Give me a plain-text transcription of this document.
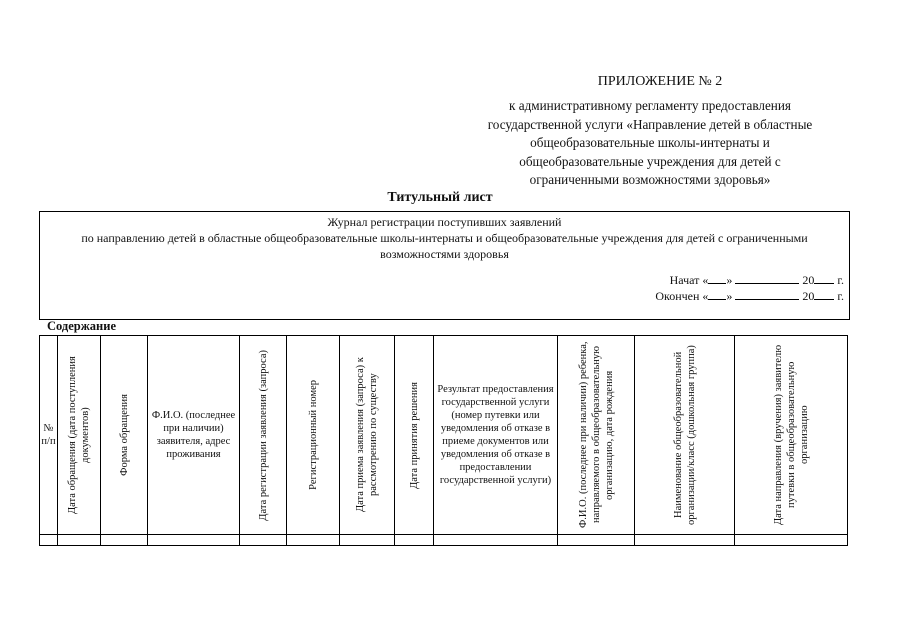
ПРИЛОЖЕНИЕ № 2
к административному регламенту предоставления
государственной услуги «Направление детей в областные
общеобразовательные школы-интернаты и
общеобразовательные учреждения для детей с
ограниченными возможностями здоровья»
Титульный лист
Журнал регистрации поступивших заявлений
по направлению детей в областные общеобразовательные школы-интернаты и общеобразовательные учреждения для детей с ограниченными
возможностями здоровья
Начат « »	20 г.
Окончен « »	20 г.
Содержание
№ п/п	Дата обращения (дата поступления документов)	Форма обращения	Ф.И.О. (последнее при наличии) заявителя, адрес проживания	Дата регистрации заявления (запроса)	Регистрационный номер	Дата приема заявления (запроса) к рассмотрению по существу	Дата принятия решения	Результат предоставления государственной услуги (номер путевки или уведомления об отказе в приеме документов или уведомления об отказе в предоставлении государственной услуги)	Ф.И.О. (последнее при наличии) ребенка, направляемого в общеобразовательную организацию, дата рождения	Наименование общеобразовательной организации/класс (дошкольная группа)	Дата направления (вручения) заявителю путевки в общеобразовательную организацию
